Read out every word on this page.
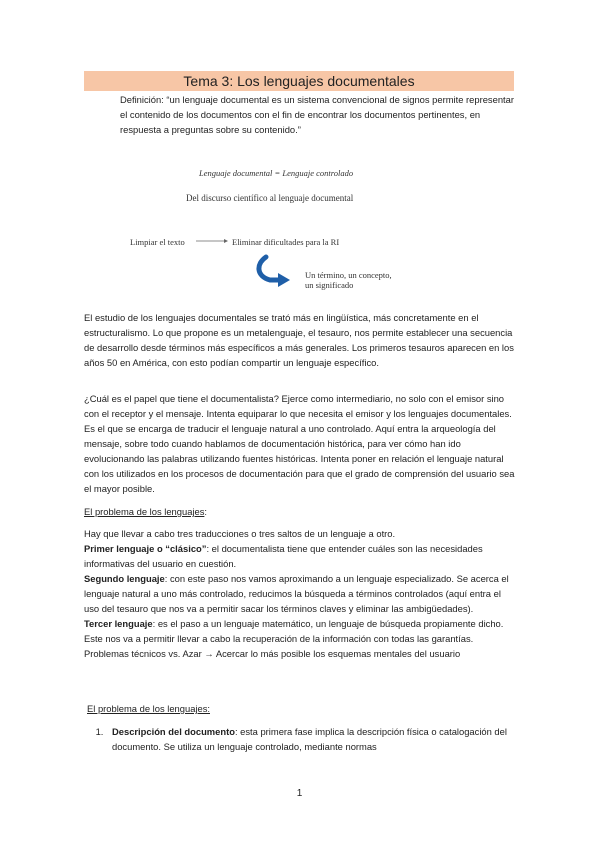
Tema 3: Los lenguajes documentales
Definición: “un lenguaje documental es un sistema convencional de signos permite representar el contenido de los documentos con el fin de encontrar los documentos pertinentes, en respuesta a preguntas sobre su contenido.”
Lenguaje documental = Lenguaje controlado
Del discurso científico al lenguaje documental
Limpiar el texto	Eliminar dificultades para la RI
Un término, un concepto,
un significado

El estudio de los lenguajes documentales se trató más en lingüística, más concretamente en el estructuralismo. Lo que propone es un metalenguaje, el tesauro, nos permite establecer una secuencia de desarrollo desde términos más específicos a más generales. Los primeros tesauros aparecen en los años 50 en América, con esto podían compartir un lenguaje específico.

¿Cuál es el papel que tiene el documentalista? Ejerce como intermediario, no solo con el emisor sino con el receptor y el mensaje. Intenta equiparar lo que necesita el emisor y los lenguajes documentales. Es el que se encarga de traducir el lenguaje natural a uno controlado. Aquí entra la arqueología del mensaje, sobre todo cuando hablamos de documentación histórica, para ver cómo han ido evolucionando las palabras utilizando fuentes históricas. Intenta poner en relación el lenguaje natural con los utilizados en los procesos de documentación para que el grado de comprensión del usuario sea el mayor posible.

El problema de los lenguajes:

Hay que llevar a cabo tres traducciones o tres saltos de un lenguaje a otro.

Primer lenguaje o “clásico”: el documentalista tiene que entender cuáles son las necesidades informativas del usuario en cuestión.

Segundo lenguaje: con este paso nos vamos aproximando a un lenguaje especializado. Se acerca el lenguaje natural a uno más controlado, reducimos la búsqueda a términos controlados (aquí entra el uso del tesauro que nos va a permitir sacar los términos claves y eliminar las ambigüedades).

Tercer lenguaje: es el paso a un lenguaje matemático, un lenguaje de búsqueda propiamente dicho. Este nos va a permitir llevar a cabo la recuperación de la información con todas las garantías.

Problemas técnicos vs. Azar → Acercar lo más posible los esquemas mentales del usuario

El problema de los lenguajes:

1. Descripción del documento: esta primera fase implica la descripción física o catalogación del documento. Se utiliza un lenguaje controlado, mediante normas
1
